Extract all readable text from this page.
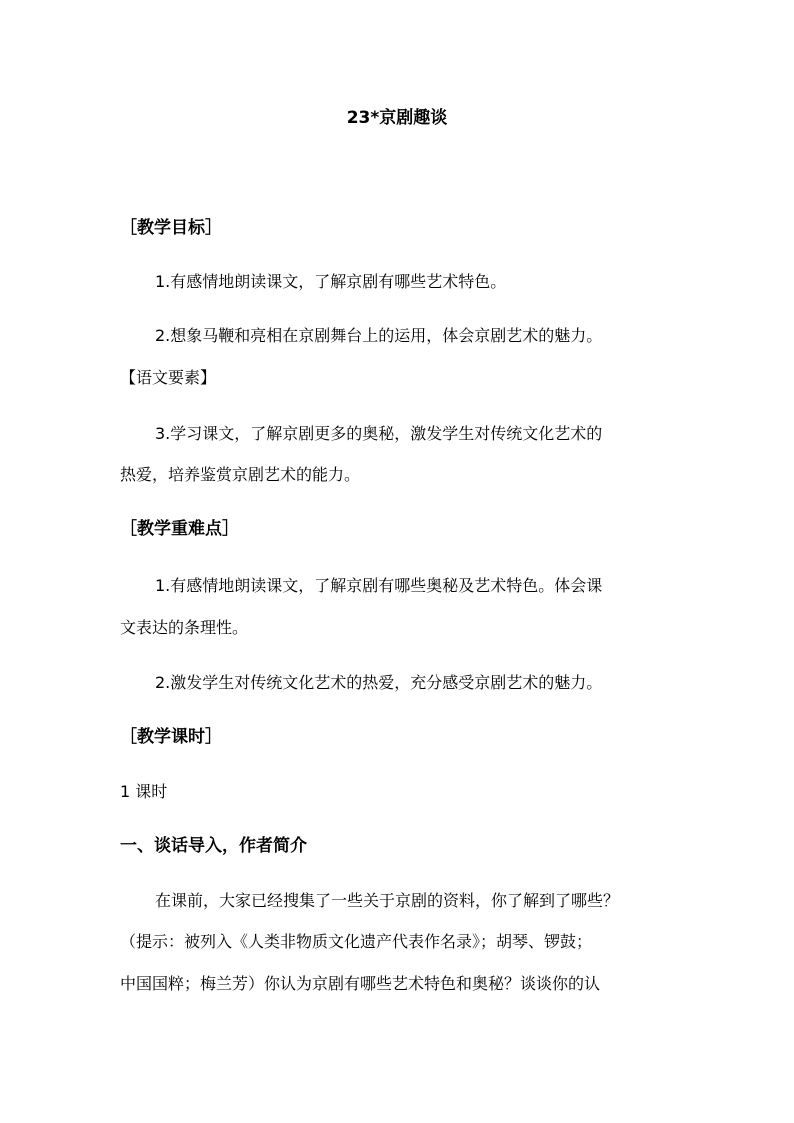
23*京剧趣谈
［教学目标］
1.有感情地朗读课文，了解京剧有哪些艺术特色。
2.想象马鞭和亮相在京剧舞台上的运用，体会京剧艺术的魅力。
【语文要素】
3.学习课文，了解京剧更多的奥秘，激发学生对传统文化艺术的
热爱，培养鉴赏京剧艺术的能力。
［教学重难点］
1.有感情地朗读课文，了解京剧有哪些奥秘及艺术特色。体会课
文表达的条理性。
2.激发学生对传统文化艺术的热爱，充分感受京剧艺术的魅力。
［教学课时］
1 课时
一、谈话导入，作者简介
在课前，大家已经搜集了一些关于京剧的资料，你了解到了哪些？
（提示：被列入《人类非物质文化遗产代表作名录》；胡琴、锣鼓；
中国国粹；梅兰芳）你认为京剧有哪些艺术特色和奥秘？谈谈你的认
